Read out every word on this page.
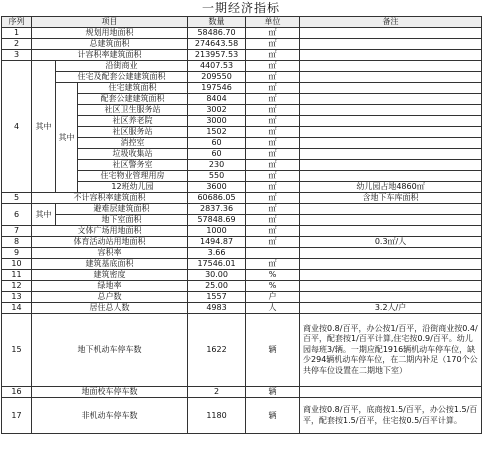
一期经济指标
序列	项目			数量	单位	备注
1	规划用地面积			58486.70	㎡	
2	总建筑面积			274643.58	㎡	
3	计容积率建筑面积			213957.53	㎡	
4	其中	沿街商业		4407.53	㎡	
		住宅及配套公建建筑面积		209550	㎡	
		其中	住宅建筑面积	197546	㎡	
			配套公建建筑面积	8404	㎡	
			社区卫生服务站	3002	㎡	
			社区养老院	3000	㎡	
			社区服务站	1502	㎡	
			消控室	60	㎡	
			垃圾收集站	60	㎡	
			社区警务室	230	㎡	
			住宅物业管理用房	550	㎡	
			12班幼儿园	3600	㎡	幼儿园占地4860㎡
5	不计容积率建筑面积			60686.05	㎡	含地下车库面积
6	其中	避难层建筑面积		2837.36	㎡	
		地下室面积		57848.69	㎡	
7	文体广场用地面积			1000	㎡	
8	体育活动站用地面积			1494.87	㎡	0.3㎡/人
9	容积率			3.66		
10	建筑基底面积			17546.01	㎡	
11	建筑密度			30.00	%	
12	绿地率			25.00	%	
13	总户数			1557	户	
14	居住总人数			4983	人	3.2人/户
15	地下机动车停车数			1622	辆	商业按0.8/百平，办公按1/百平，沿街商业按0.4/百平，配套按1/百平计算,住宅按0.9/百平。幼儿园每班3/辆。一期应配1916辆机动车停车位，缺少294辆机动车停车位，在二期内补足（170个公共停车位设置在二期地下室）
16	地面校车停车数			2	辆	
17	非机动车停车数			1180	辆	商业按0.8/百平，底商按1.5/百平，办公按1.5/百平，配套按1.5/百平，住宅按0.5/百平计算。
